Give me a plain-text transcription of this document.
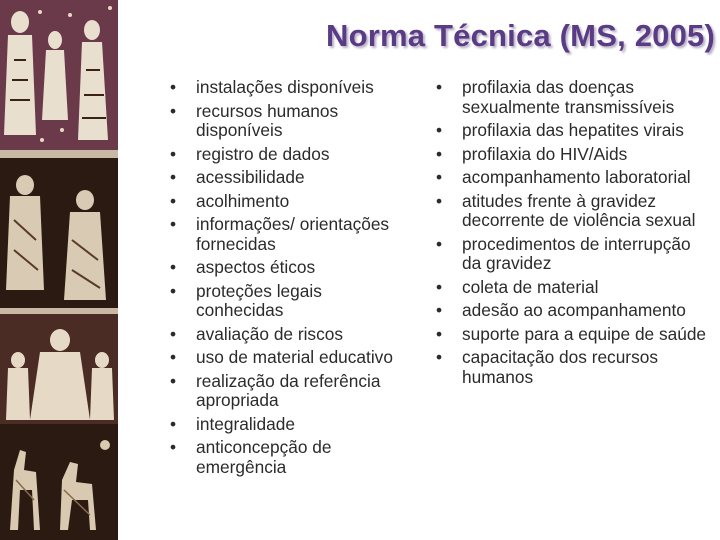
Norma Técnica (MS, 2005)
•	instalações disponíveis
•	recursos humanos disponíveis
•	registro de dados
•	acessibilidade
•	acolhimento
•	informações/ orientações fornecidas
•	aspectos éticos
•	proteções legais conhecidas
•	avaliação de riscos
•	uso de material educativo
•	realização da referência apropriada
•	integralidade
•	anticoncepção de emergência
•	profilaxia das doenças sexualmente transmissíveis
•	profilaxia das hepatites virais
•	profilaxia do HIV/Aids
•	acompanhamento laboratorial
•	atitudes frente à gravidez decorrente de violência sexual
•	procedimentos de interrupção da gravidez
•	coleta de material
•	adesão ao acompanhamento
•	suporte para a equipe de saúde
•	capacitação dos recursos humanos
